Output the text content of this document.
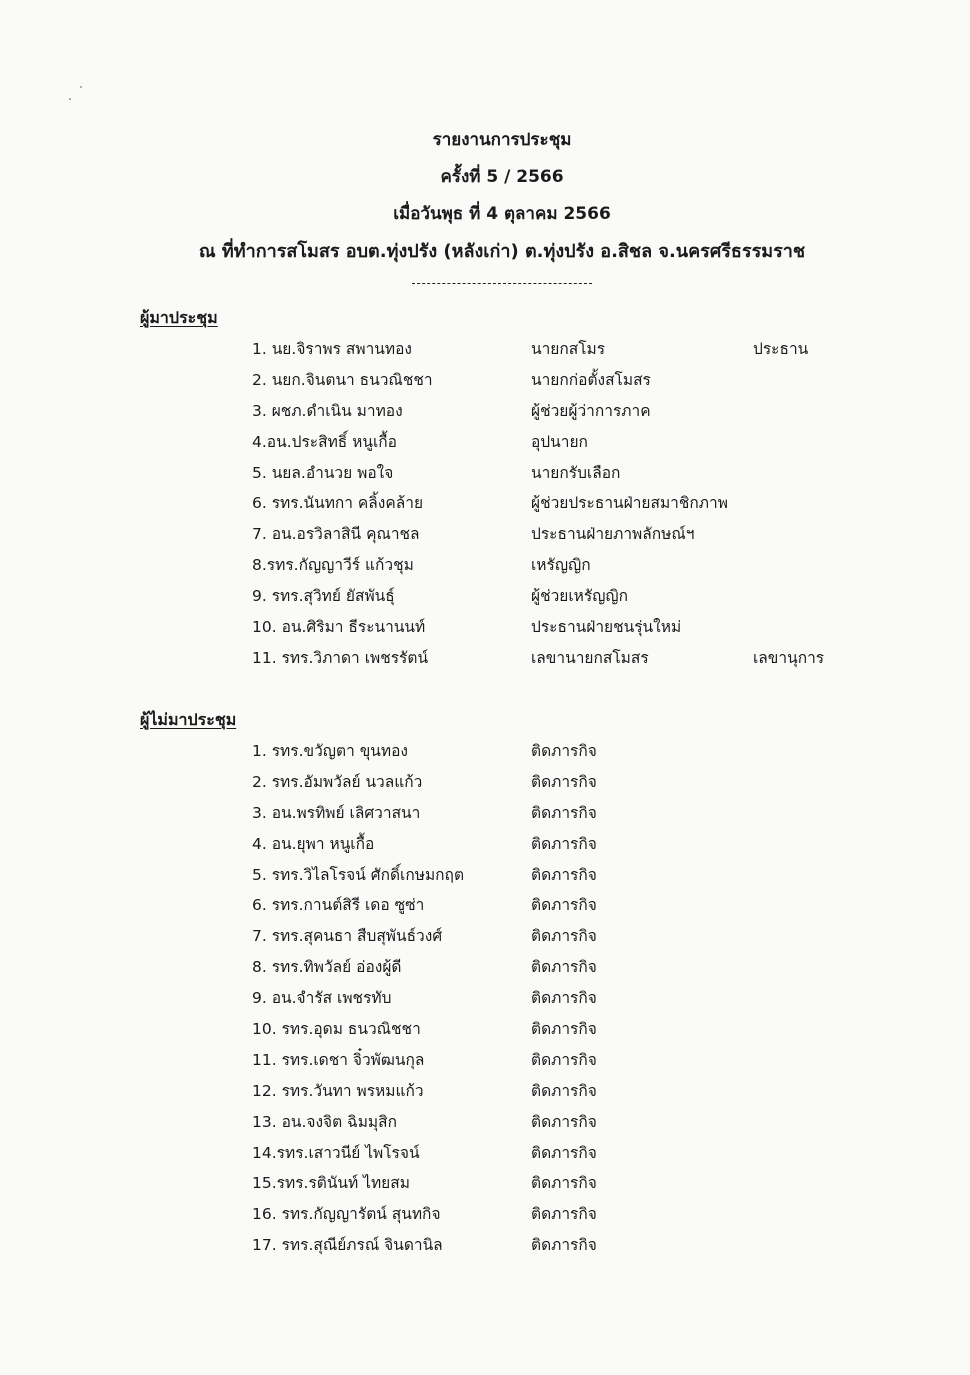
รายงานการประชุม
ครั้งที่ 5 / 2566
เมื่อวันพุธ ที่ 4 ตุลาคม 2566
ณ ที่ทำการสโมสร อบต.ทุ่งปรัง (หลังเก่า) ต.ทุ่งปรัง อ.สิชล จ.นครศรีธรรมราช
ผู้มาประชุม
1. นย.จิราพร สพานทอง	นายกสโมร	ประธาน
2. นยก.จินตนา ธนวณิชชา	นายกก่อตั้งสโมสร
3. ผชภ.ดำเนิน มาทอง	ผู้ช่วยผู้ว่าการภาค
4.อน.ประสิทธิ์ หนูเกื้อ	อุปนายก
5. นยล.อำนวย พอใจ	นายกรับเลือก
6. รทร.นันทกา คลิ้งคล้าย	ผู้ช่วยประธานฝ่ายสมาชิกภาพ
7. อน.อรวิลาสินี คุณาชล	ประธานฝ่ายภาพลักษณ์ฯ
8.รทร.กัญญาวีร์ แก้วชุม	เหรัญญิก
9. รทร.สุวิทย์ ยัสพันธุ์	ผู้ช่วยเหรัญญิก
10. อน.ศิริมา ธีระนานนท์	ประธานฝ่ายชนรุ่นใหม่
11. รทร.วิภาดา เพชรรัตน์	เลขานายกสโมสร	เลขานุการ
ผู้ไม่มาประชุม
1. รทร.ขวัญตา ขุนทอง	ติดภารกิจ
2. รทร.อัมพวัลย์ นวลแก้ว	ติดภารกิจ
3. อน.พรทิพย์ เลิศวาสนา	ติดภารกิจ
4. อน.ยุพา หนูเกื้อ	ติดภารกิจ
5. รทร.วิไลโรจน์ ศักดิ์เกษมกฤต	ติดภารกิจ
6. รทร.กานต์สิรี เดอ ซูซ่า	ติดภารกิจ
7. รทร.สุคนธา สืบสุพันธ์วงศ์	ติดภารกิจ
8. รทร.ทิพวัลย์ อ่องผู้ดี	ติดภารกิจ
9. อน.จำรัส เพชรทับ	ติดภารกิจ
10. รทร.อุดม ธนวณิชชา	ติดภารกิจ
11. รทร.เดชา จิ๋วพัฒนกุล	ติดภารกิจ
12. รทร.วันทา พรหมแก้ว	ติดภารกิจ
13. อน.จงจิต ฉิมมุสิก	ติดภารกิจ
14.รทร.เสาวนีย์ ไพโรจน์	ติดภารกิจ
15.รทร.รตินันท์ ไทยสม	ติดภารกิจ
16. รทร.กัญญารัตน์ สุนทกิจ	ติดภารกิจ
17. รทร.สุณีย์ภรณ์ จินดานิล	ติดภารกิจ
